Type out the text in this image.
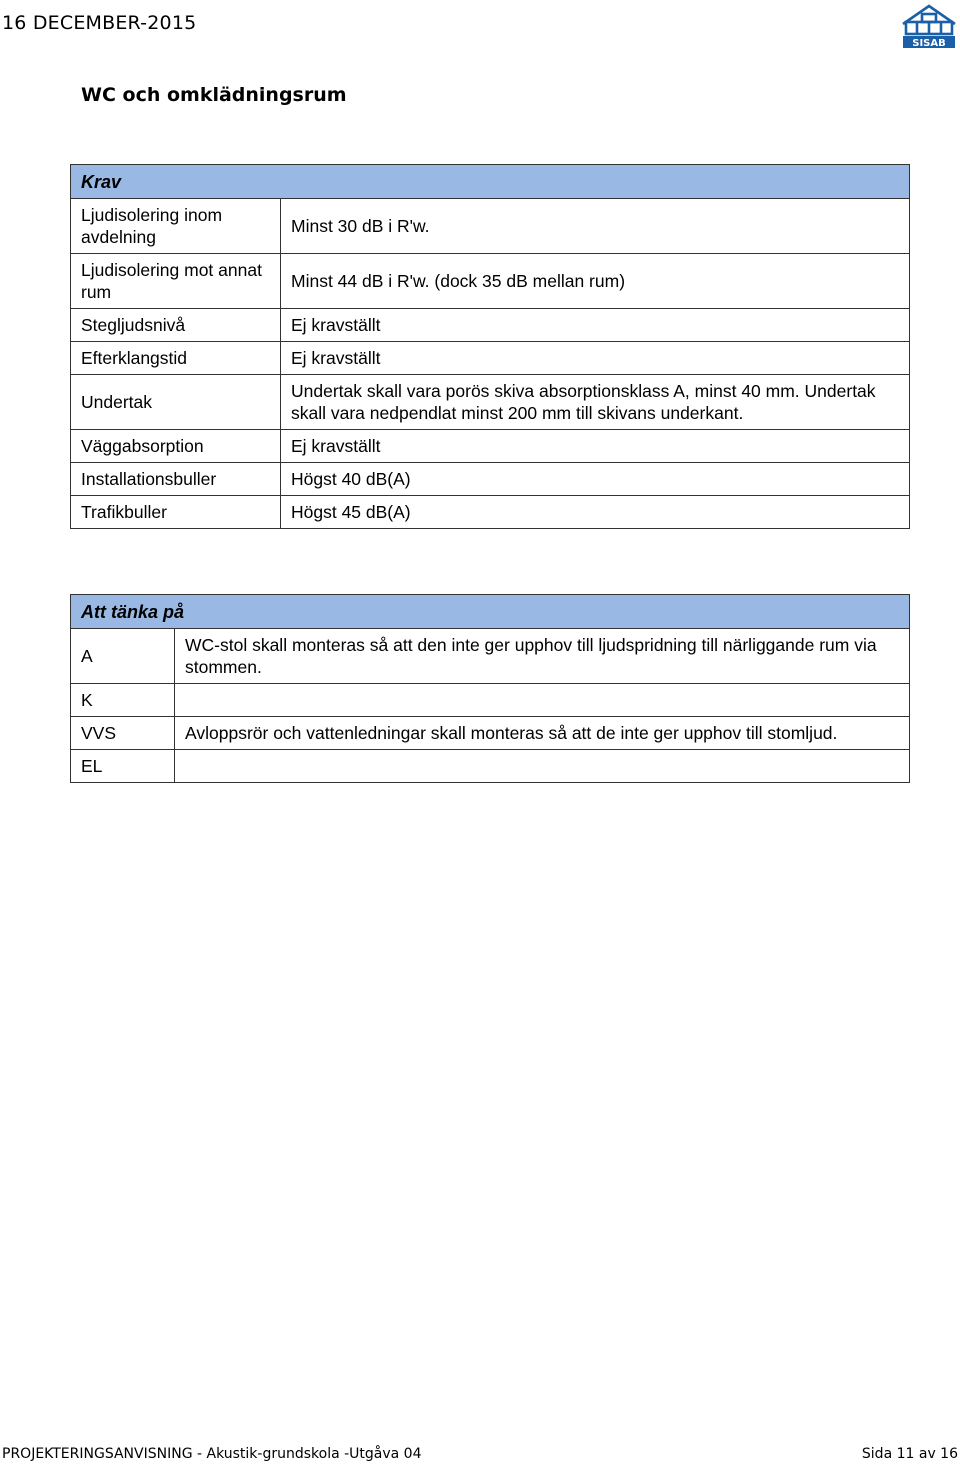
16 DECEMBER-2015
SISAB
WC och omklädningsrum
Krav	
Ljudisolering inom avdelning	Minst 30 dB i R'w.
Ljudisolering mot annat rum	Minst 44 dB i R'w. (dock 35 dB mellan rum)
Stegljudsnivå	Ej kravställt
Efterklangstid	Ej kravställt
Undertak	Undertak skall vara porös skiva absorptionsklass A, minst 40 mm. Undertak skall vara nedpendlat minst 200 mm till skivans underkant.
Väggabsorption	Ej kravställt
Installationsbuller	Högst 40 dB(A)
Trafikbuller	Högst 45 dB(A)
Att tänka på	
A	WC-stol skall monteras så att den inte ger upphov till ljudspridning till närliggande rum via stommen.
K	
VVS	Avloppsrör och vattenledningar skall monteras så att de inte ger upphov till stomljud.
EL	
PROJEKTERINGSANVISNING - Akustik-grundskola -Utgåva 04	Sida 11 av 16
